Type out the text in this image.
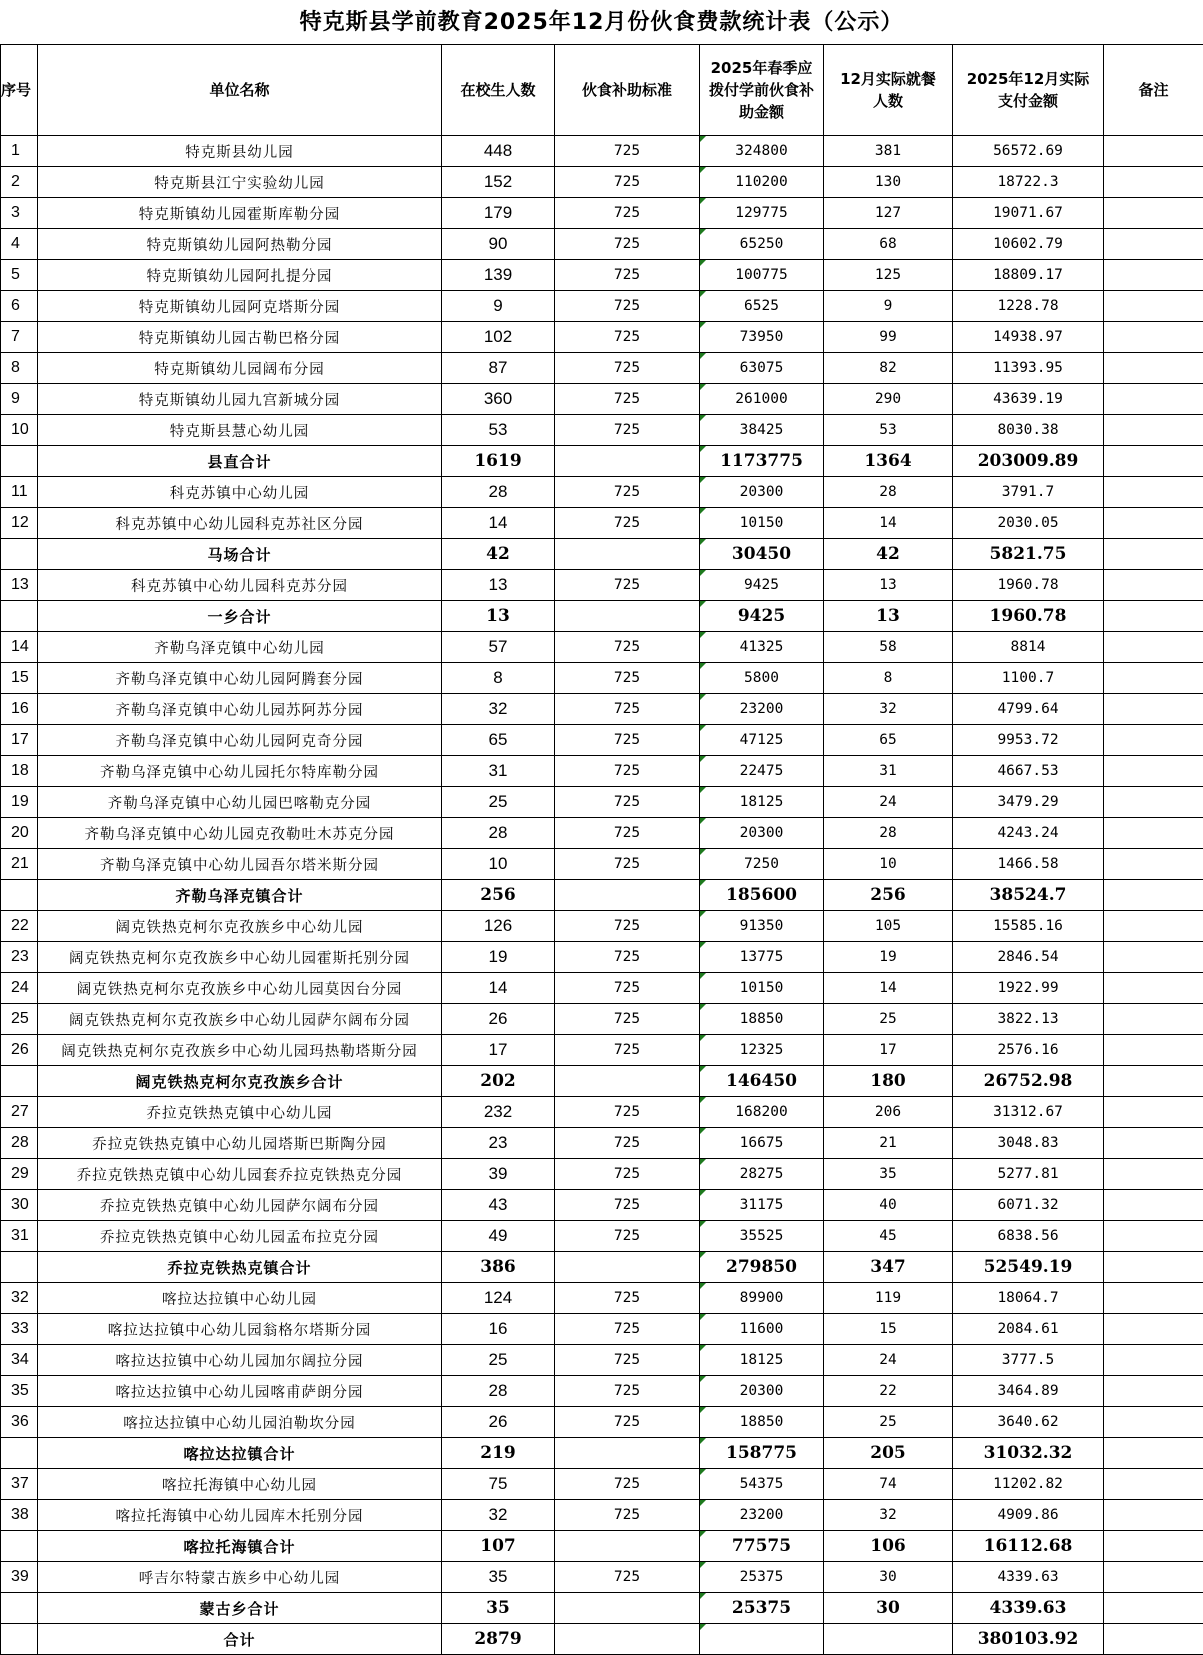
特克斯县学前教育2025年12月份伙食费款统计表（公示）
序号	单位名称	在校生人数	伙食补助标准	2025年春季应拨付学前伙食补助金额	12月实际就餐人数	2025年12月实际支付金额	备注
1	特克斯县幼儿园	448	725	324800	381	56572.69	
2	特克斯县江宁实验幼儿园	152	725	110200	130	18722.3	
3	特克斯镇幼儿园霍斯库勒分园	179	725	129775	127	19071.67	
4	特克斯镇幼儿园阿热勒分园	90	725	65250	68	10602.79	
5	特克斯镇幼儿园阿扎提分园	139	725	100775	125	18809.17	
6	特克斯镇幼儿园阿克塔斯分园	9	725	6525	9	1228.78	
7	特克斯镇幼儿园古勒巴格分园	102	725	73950	99	14938.97	
8	特克斯镇幼儿园阔布分园	87	725	63075	82	11393.95	
9	特克斯镇幼儿园九宫新城分园	360	725	261000	290	43639.19	
10	特克斯县慧心幼儿园	53	725	38425	53	8030.38	
	县直合计	1619		1173775	1364	203009.89	
11	科克苏镇中心幼儿园	28	725	20300	28	3791.7	
12	科克苏镇中心幼儿园科克苏社区分园	14	725	10150	14	2030.05	
	马场合计	42		30450	42	5821.75	
13	科克苏镇中心幼儿园科克苏分园	13	725	9425	13	1960.78	
	一乡合计	13		9425	13	1960.78	
14	齐勒乌泽克镇中心幼儿园	57	725	41325	58	8814	
15	齐勒乌泽克镇中心幼儿园阿腾套分园	8	725	5800	8	1100.7	
16	齐勒乌泽克镇中心幼儿园苏阿苏分园	32	725	23200	32	4799.64	
17	齐勒乌泽克镇中心幼儿园阿克奇分园	65	725	47125	65	9953.72	
18	齐勒乌泽克镇中心幼儿园托尔特库勒分园	31	725	22475	31	4667.53	
19	齐勒乌泽克镇中心幼儿园巴喀勒克分园	25	725	18125	24	3479.29	
20	齐勒乌泽克镇中心幼儿园克孜勒吐木苏克分园	28	725	20300	28	4243.24	
21	齐勒乌泽克镇中心幼儿园吾尔塔米斯分园	10	725	7250	10	1466.58	
	齐勒乌泽克镇合计	256		185600	256	38524.7	
22	阔克铁热克柯尔克孜族乡中心幼儿园	126	725	91350	105	15585.16	
23	阔克铁热克柯尔克孜族乡中心幼儿园霍斯托别分园	19	725	13775	19	2846.54	
24	阔克铁热克柯尔克孜族乡中心幼儿园莫因台分园	14	725	10150	14	1922.99	
25	阔克铁热克柯尔克孜族乡中心幼儿园萨尔阔布分园	26	725	18850	25	3822.13	
26	阔克铁热克柯尔克孜族乡中心幼儿园玛热勒塔斯分园	17	725	12325	17	2576.16	
	阔克铁热克柯尔克孜族乡合计	202		146450	180	26752.98	
27	乔拉克铁热克镇中心幼儿园	232	725	168200	206	31312.67	
28	乔拉克铁热克镇中心幼儿园塔斯巴斯陶分园	23	725	16675	21	3048.83	
29	乔拉克铁热克镇中心幼儿园套乔拉克铁热克分园	39	725	28275	35	5277.81	
30	乔拉克铁热克镇中心幼儿园萨尔阔布分园	43	725	31175	40	6071.32	
31	乔拉克铁热克镇中心幼儿园孟布拉克分园	49	725	35525	45	6838.56	
	乔拉克铁热克镇合计	386		279850	347	52549.19	
32	喀拉达拉镇中心幼儿园	124	725	89900	119	18064.7	
33	喀拉达拉镇中心幼儿园翁格尔塔斯分园	16	725	11600	15	2084.61	
34	喀拉达拉镇中心幼儿园加尔阔拉分园	25	725	18125	24	3777.5	
35	喀拉达拉镇中心幼儿园喀甫萨朗分园	28	725	20300	22	3464.89	
36	喀拉达拉镇中心幼儿园泊勒坎分园	26	725	18850	25	3640.62	
	喀拉达拉镇合计	219		158775	205	31032.32	
37	喀拉托海镇中心幼儿园	75	725	54375	74	11202.82	
38	喀拉托海镇中心幼儿园库木托别分园	32	725	23200	32	4909.86	
	喀拉托海镇合计	107		77575	106	16112.68	
39	呼吉尔特蒙古族乡中心幼儿园	35	725	25375	30	4339.63	
	蒙古乡合计	35		25375	30	4339.63	
	合计	2879				380103.92	
